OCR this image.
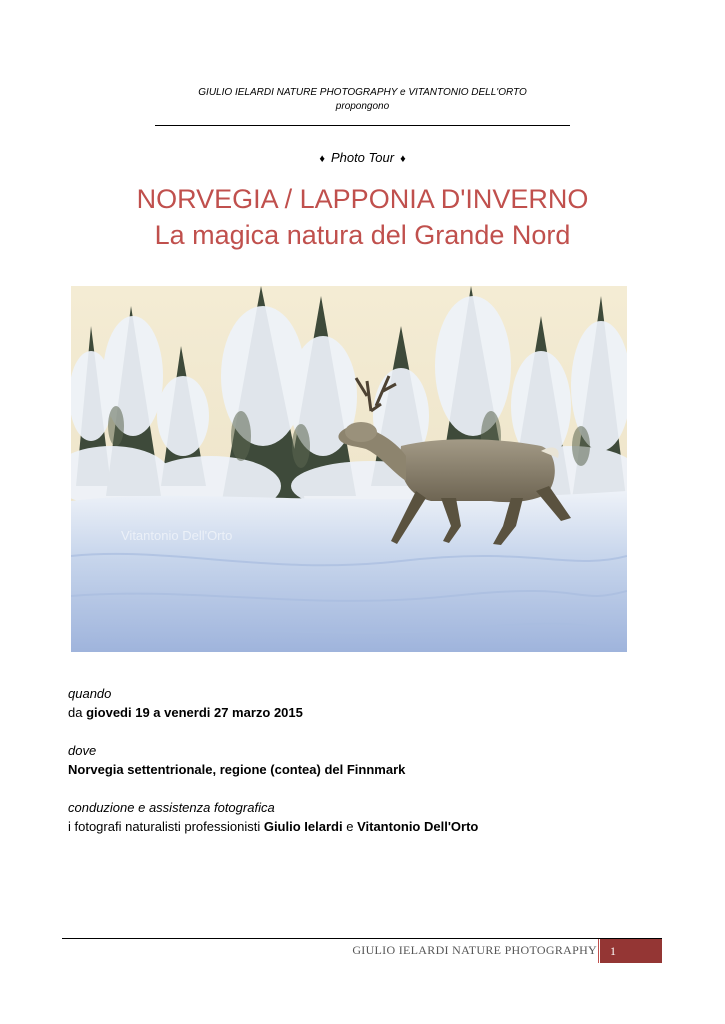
GIULIO IELARDI NATURE PHOTOGRAPHY e VITANTONIO DELL'ORTO
propongono
♦ Photo Tour ♦
NORVEGIA / LAPPONIA D'INVERNO
La magica natura del Grande Nord
Vitantonio Dell'Orto
quando
da giovedi 19 a venerdi 27 marzo 2015
dove
Norvegia settentrionale, regione (contea) del Finnmark
conduzione e assistenza fotografica
i fotografi naturalisti professionisti Giulio Ielardi e Vitantonio Dell'Orto
GIULIO IELARDI NATURE PHOTOGRAPHY	1
